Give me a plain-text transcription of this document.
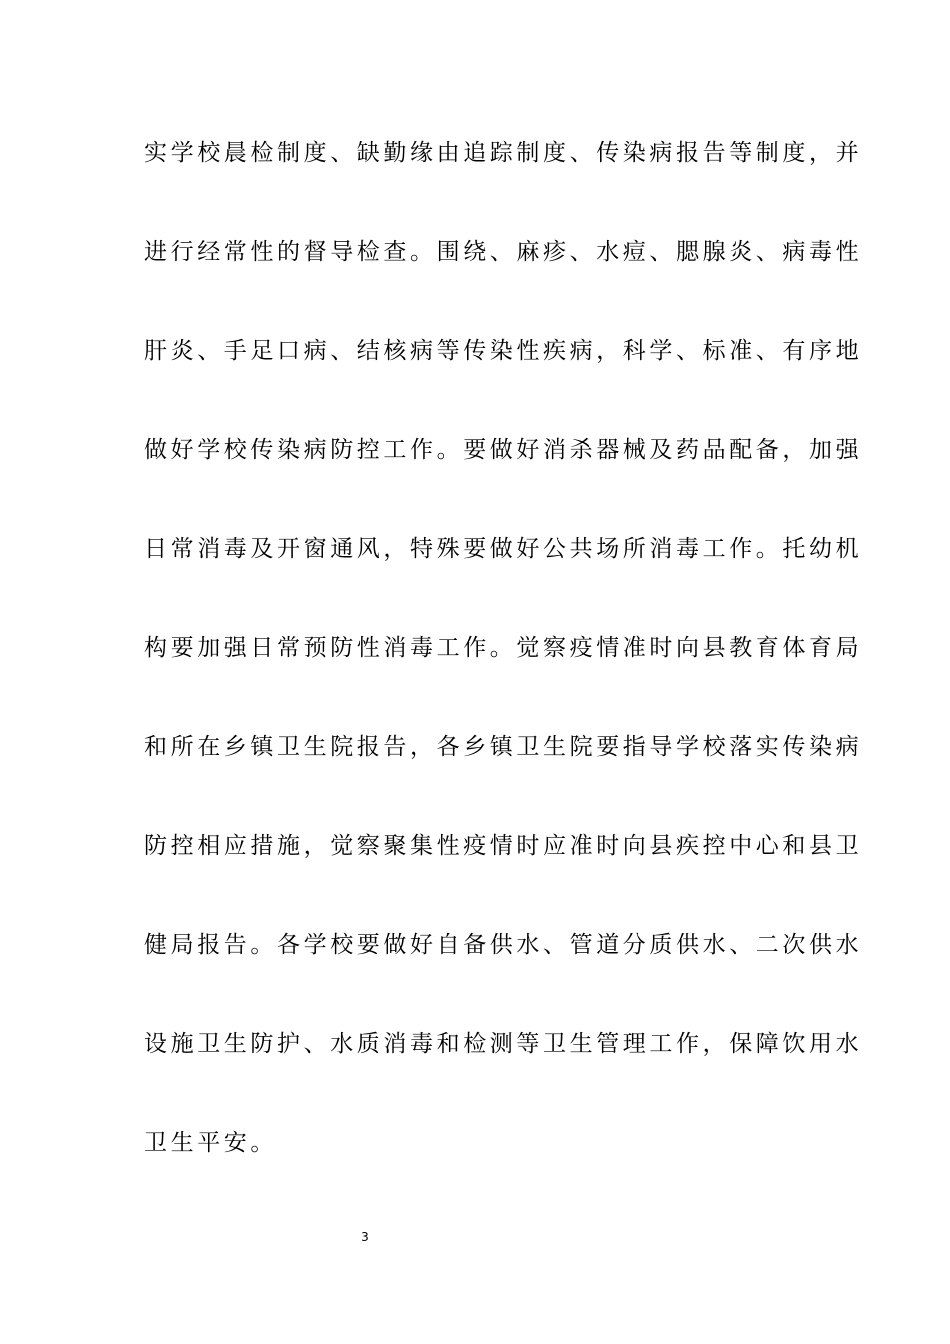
实学校晨检制度、缺勤缘由追踪制度、传染病报告等制度，并
进行经常性的督导检查。围绕、麻疹、水痘、腮腺炎、病毒性
肝炎、手足口病、结核病等传染性疾病，科学、标准、有序地
做好学校传染病防控工作。要做好消杀器械及药品配备，加强
日常消毒及开窗通风，特殊要做好公共场所消毒工作。托幼机
构要加强日常预防性消毒工作。觉察疫情准时向县教育体育局
和所在乡镇卫生院报告，各乡镇卫生院要指导学校落实传染病
防控相应措施，觉察聚集性疫情时应准时向县疾控中心和县卫
健局报告。各学校要做好自备供水、管道分质供水、二次供水
设施卫生防护、水质消毒和检测等卫生管理工作，保障饮用水
卫生平安。
3
